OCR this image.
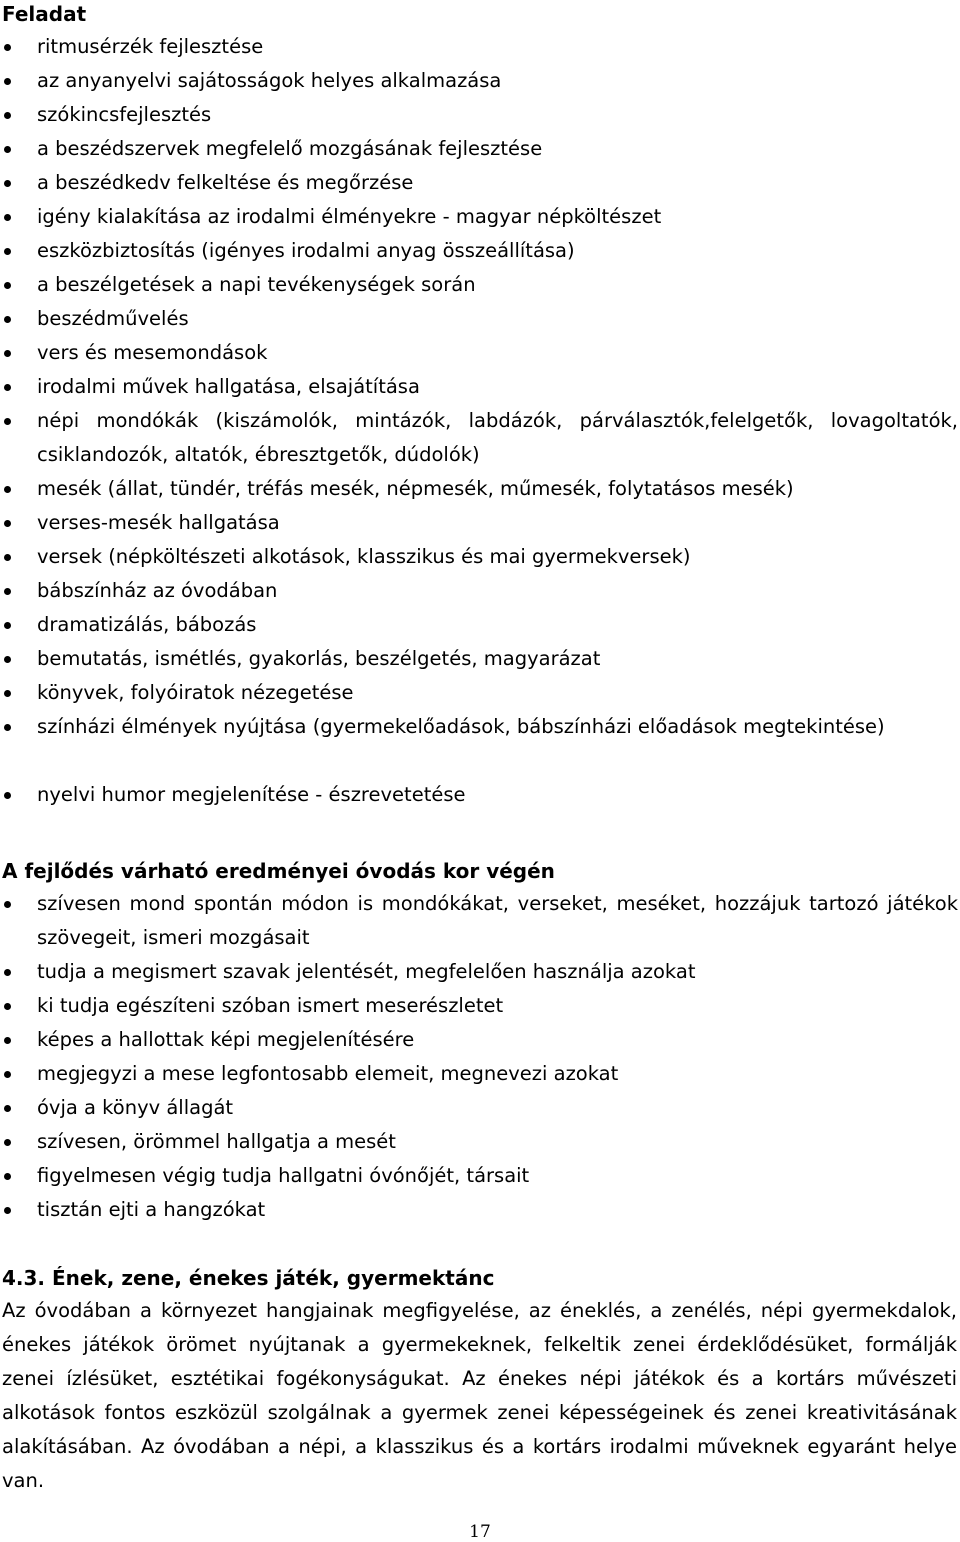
Feladat
ritmusérzék fejlesztése
az anyanyelvi sajátosságok helyes alkalmazása
szókincsfejlesztés
a beszédszervek megfelelő mozgásának fejlesztése
a beszédkedv felkeltése és megőrzése
igény kialakítása az irodalmi élményekre - magyar népköltészet
eszközbiztosítás (igényes irodalmi anyag összeállítása)
a beszélgetések a napi tevékenységek során
beszédművelés
vers és mesemondások
irodalmi művek hallgatása, elsajátítása
népi mondókák (kiszámolók, mintázók, labdázók, párválasztók,felelgetők, lovagoltatók, csiklandozók, altatók, ébresztgetők, dúdolók)
mesék (állat, tündér, tréfás mesék, népmesék, műmesék, folytatásos mesék)
verses-mesék hallgatása
versek (népköltészeti alkotások, klasszikus és mai gyermekversek)
bábszínház az óvodában
dramatizálás, bábozás
bemutatás, ismétlés, gyakorlás, beszélgetés, magyarázat
könyvek, folyóiratok nézegetése
színházi élmények nyújtása (gyermekelőadások, bábszínházi előadások megtekintése)
nyelvi humor megjelenítése - észrevetetése
A fejlődés várható eredményei óvodás kor végén
szívesen mond spontán módon is mondókákat, verseket, meséket, hozzájuk tartozó játékok szövegeit, ismeri mozgásait
tudja a megismert szavak jelentését, megfelelően használja azokat
ki tudja egészíteni szóban ismert meserészletet
képes a hallottak képi megjelenítésére
megjegyzi a mese legfontosabb elemeit, megnevezi azokat
óvja a könyv állagát
szívesen, örömmel hallgatja a mesét
figyelmesen végig tudja hallgatni óvónőjét, társait
tisztán ejti a hangzókat
4.3. Ének, zene, énekes játék, gyermektánc
Az óvodában a környezet hangjainak megfigyelése, az éneklés, a zenélés, népi gyermekdalok, énekes játékok örömet nyújtanak a gyermekeknek, felkeltik zenei érdeklődésüket, formálják zenei ízlésüket, esztétikai fogékonyságukat. Az énekes népi játékok és a kortárs művészeti alkotások fontos eszközül szolgálnak a gyermek zenei képességeinek és zenei kreativitásának alakításában. Az óvodában a népi, a klasszikus és a kortárs irodalmi műveknek egyaránt helye van.
17
